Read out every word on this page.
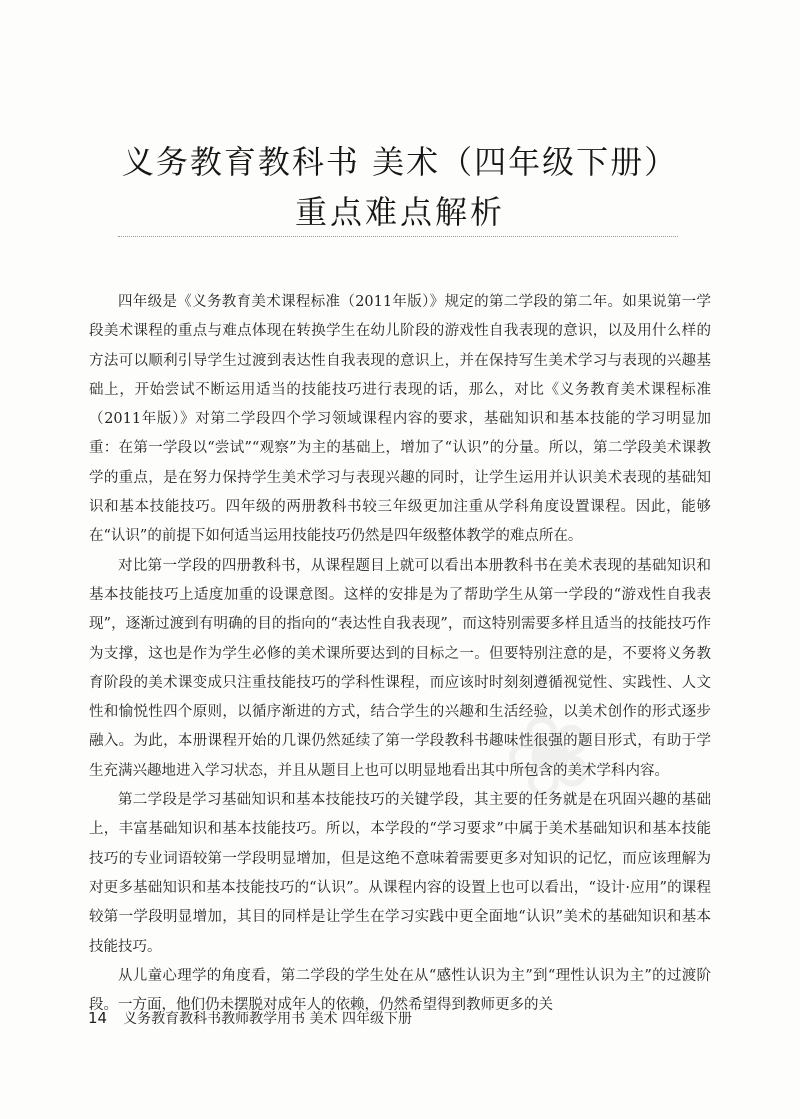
义务教育教科书 美术（四年级下册）
重点难点解析
❀

四年级是《义务教育美术课程标准（2011年版）》规定的第二学段的第二年。如果说第一学段美术课程的重点与难点体现在转换学生在幼儿阶段的游戏性自我表现的意识，以及用什么样的方法可以顺利引导学生过渡到表达性自我表现的意识上，并在保持写生美术学习与表现的兴趣基础上，开始尝试不断运用适当的技能技巧进行表现的话，那么，对比《义务教育美术课程标准（2011年版）》对第二学段四个学习领域课程内容的要求，基础知识和基本技能的学习明显加重：在第一学段以“尝试”“观察”为主的基础上，增加了“认识”的分量。所以，第二学段美术课教学的重点，是在努力保持学生美术学习与表现兴趣的同时，让学生运用并认识美术表现的基础知识和基本技能技巧。四年级的两册教科书较三年级更加注重从学科角度设置课程。因此，能够在“认识”的前提下如何适当运用技能技巧仍然是四年级整体教学的难点所在。

对比第一学段的四册教科书，从课程题目上就可以看出本册教科书在美术表现的基础知识和基本技能技巧上适度加重的设课意图。这样的安排是为了帮助学生从第一学段的“游戏性自我表现”，逐渐过渡到有明确的目的指向的“表达性自我表现”，而这特别需要多样且适当的技能技巧作为支撑，这也是作为学生必修的美术课所要达到的目标之一。但要特别注意的是，不要将义务教育阶段的美术课变成只注重技能技巧的学科性课程，而应该时时刻刻遵循视觉性、实践性、人文性和愉悦性四个原则，以循序渐进的方式，结合学生的兴趣和生活经验，以美术创作的形式逐步融入。为此，本册课程开始的几课仍然延续了第一学段教科书趣味性很强的题目形式，有助于学生充满兴趣地进入学习状态，并且从题目上也可以明显地看出其中所包含的美术学科内容。

第二学段是学习基础知识和基本技能技巧的关键学段，其主要的任务就是在巩固兴趣的基础上，丰富基础知识和基本技能技巧。所以，本学段的“学习要求”中属于美术基础知识和基本技能技巧的专业词语较第一学段明显增加，但是这绝不意味着需要更多对知识的记忆，而应该理解为对更多基础知识和基本技能技巧的“认识”。从课程内容的设置上也可以看出，“设计·应用”的课程较第一学段明显增加，其目的同样是让学生在学习实践中更全面地“认识”美术的基础知识和基本技能技巧。

从儿童心理学的角度看，第二学段的学生处在从“感性认识为主”到“理性认识为主”的过渡阶段。一方面，他们仍未摆脱对成年人的依赖，仍然希望得到教师更多的关

14 义务教育教科书教师教学用书 美术 四年级下册
